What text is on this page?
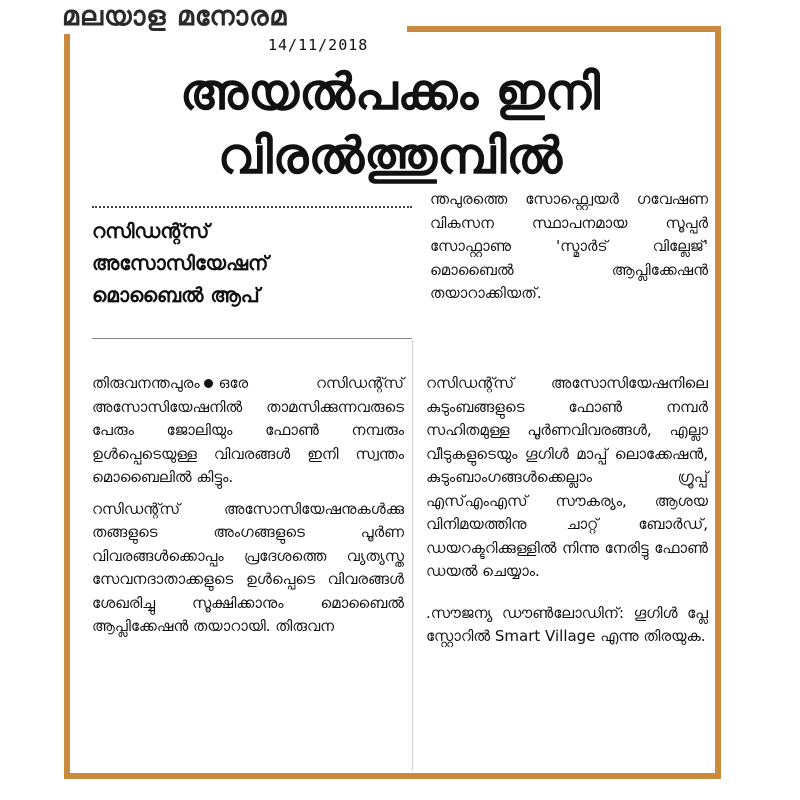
മലയാള മനോരമ
14/11/2018
അയൽപക്കം ഇനി
വിരൽത്തുമ്പിൽ
റസിഡന്റ്സ്
അസോസിയേഷന്
മൊബൈൽ ആപ്

ന്തപുരത്തെ സോഫ്റ്റ്വെയർ ഗവേഷണ വികസന സ്ഥാപനമായ സൂപ്പർ സോഫ്റ്റാണു 'സ്മാർട് വില്ലേജ്' മൊബൈൽ ആപ്ലിക്കേഷൻ തയാറാക്കിയത്.

തിരുവനന്തപുരം ഒരേ റസിഡന്റ്സ് അസോസിയേഷനിൽ താമസിക്കുന്നവരുടെ പേരും ജോലിയും ഫോൺ നമ്പരും ഉൾപ്പെടെയുള്ള വിവരങ്ങൾ ഇനി സ്വന്തം മൊബൈലിൽ കിട്ടും.

റസിഡന്റ്സ് അസോസിയേഷനുകൾക്കു തങ്ങളുടെ അംഗങ്ങളുടെ പൂർണ വിവരങ്ങൾക്കൊപ്പം പ്രദേശത്തെ വ്യത്യസ്ത സേവനദാതാക്കളുടെ ഉൾപ്പെടെ വിവരങ്ങൾ ശേഖരിച്ചു സൂക്ഷിക്കാനും മൊബൈൽ ആപ്ലിക്കേഷൻ തയാറായി. തിരുവന

റസിഡന്റ്സ് അസോസിയേഷനിലെ കുടുംബങ്ങളുടെ ഫോൺ നമ്പർ സഹിതമുള്ള പൂർണവിവരങ്ങൾ, എല്ലാ വീടുകളുടെയും ഗൂഗിൾ മാപ്പ് ലൊക്കേഷൻ, കുടുംബാംഗങ്ങൾക്കെല്ലാം ഗ്രൂപ്പ് എസ്എംഎസ് സൗകര്യം, ആശയ വിനിമയത്തിനു ചാറ്റ് ബോർഡ്, ഡയറക്ടറിക്കുള്ളിൽ നിന്നു നേരിട്ടു ഫോൺ ഡയൽ ചെയ്യാം.

.സൗജന്യ ഡൗൺലോഡിന്: ഗൂഗിൾ പ്ലേ സ്റ്റോറിൽ Smart Village എന്നു തിരയുക.
